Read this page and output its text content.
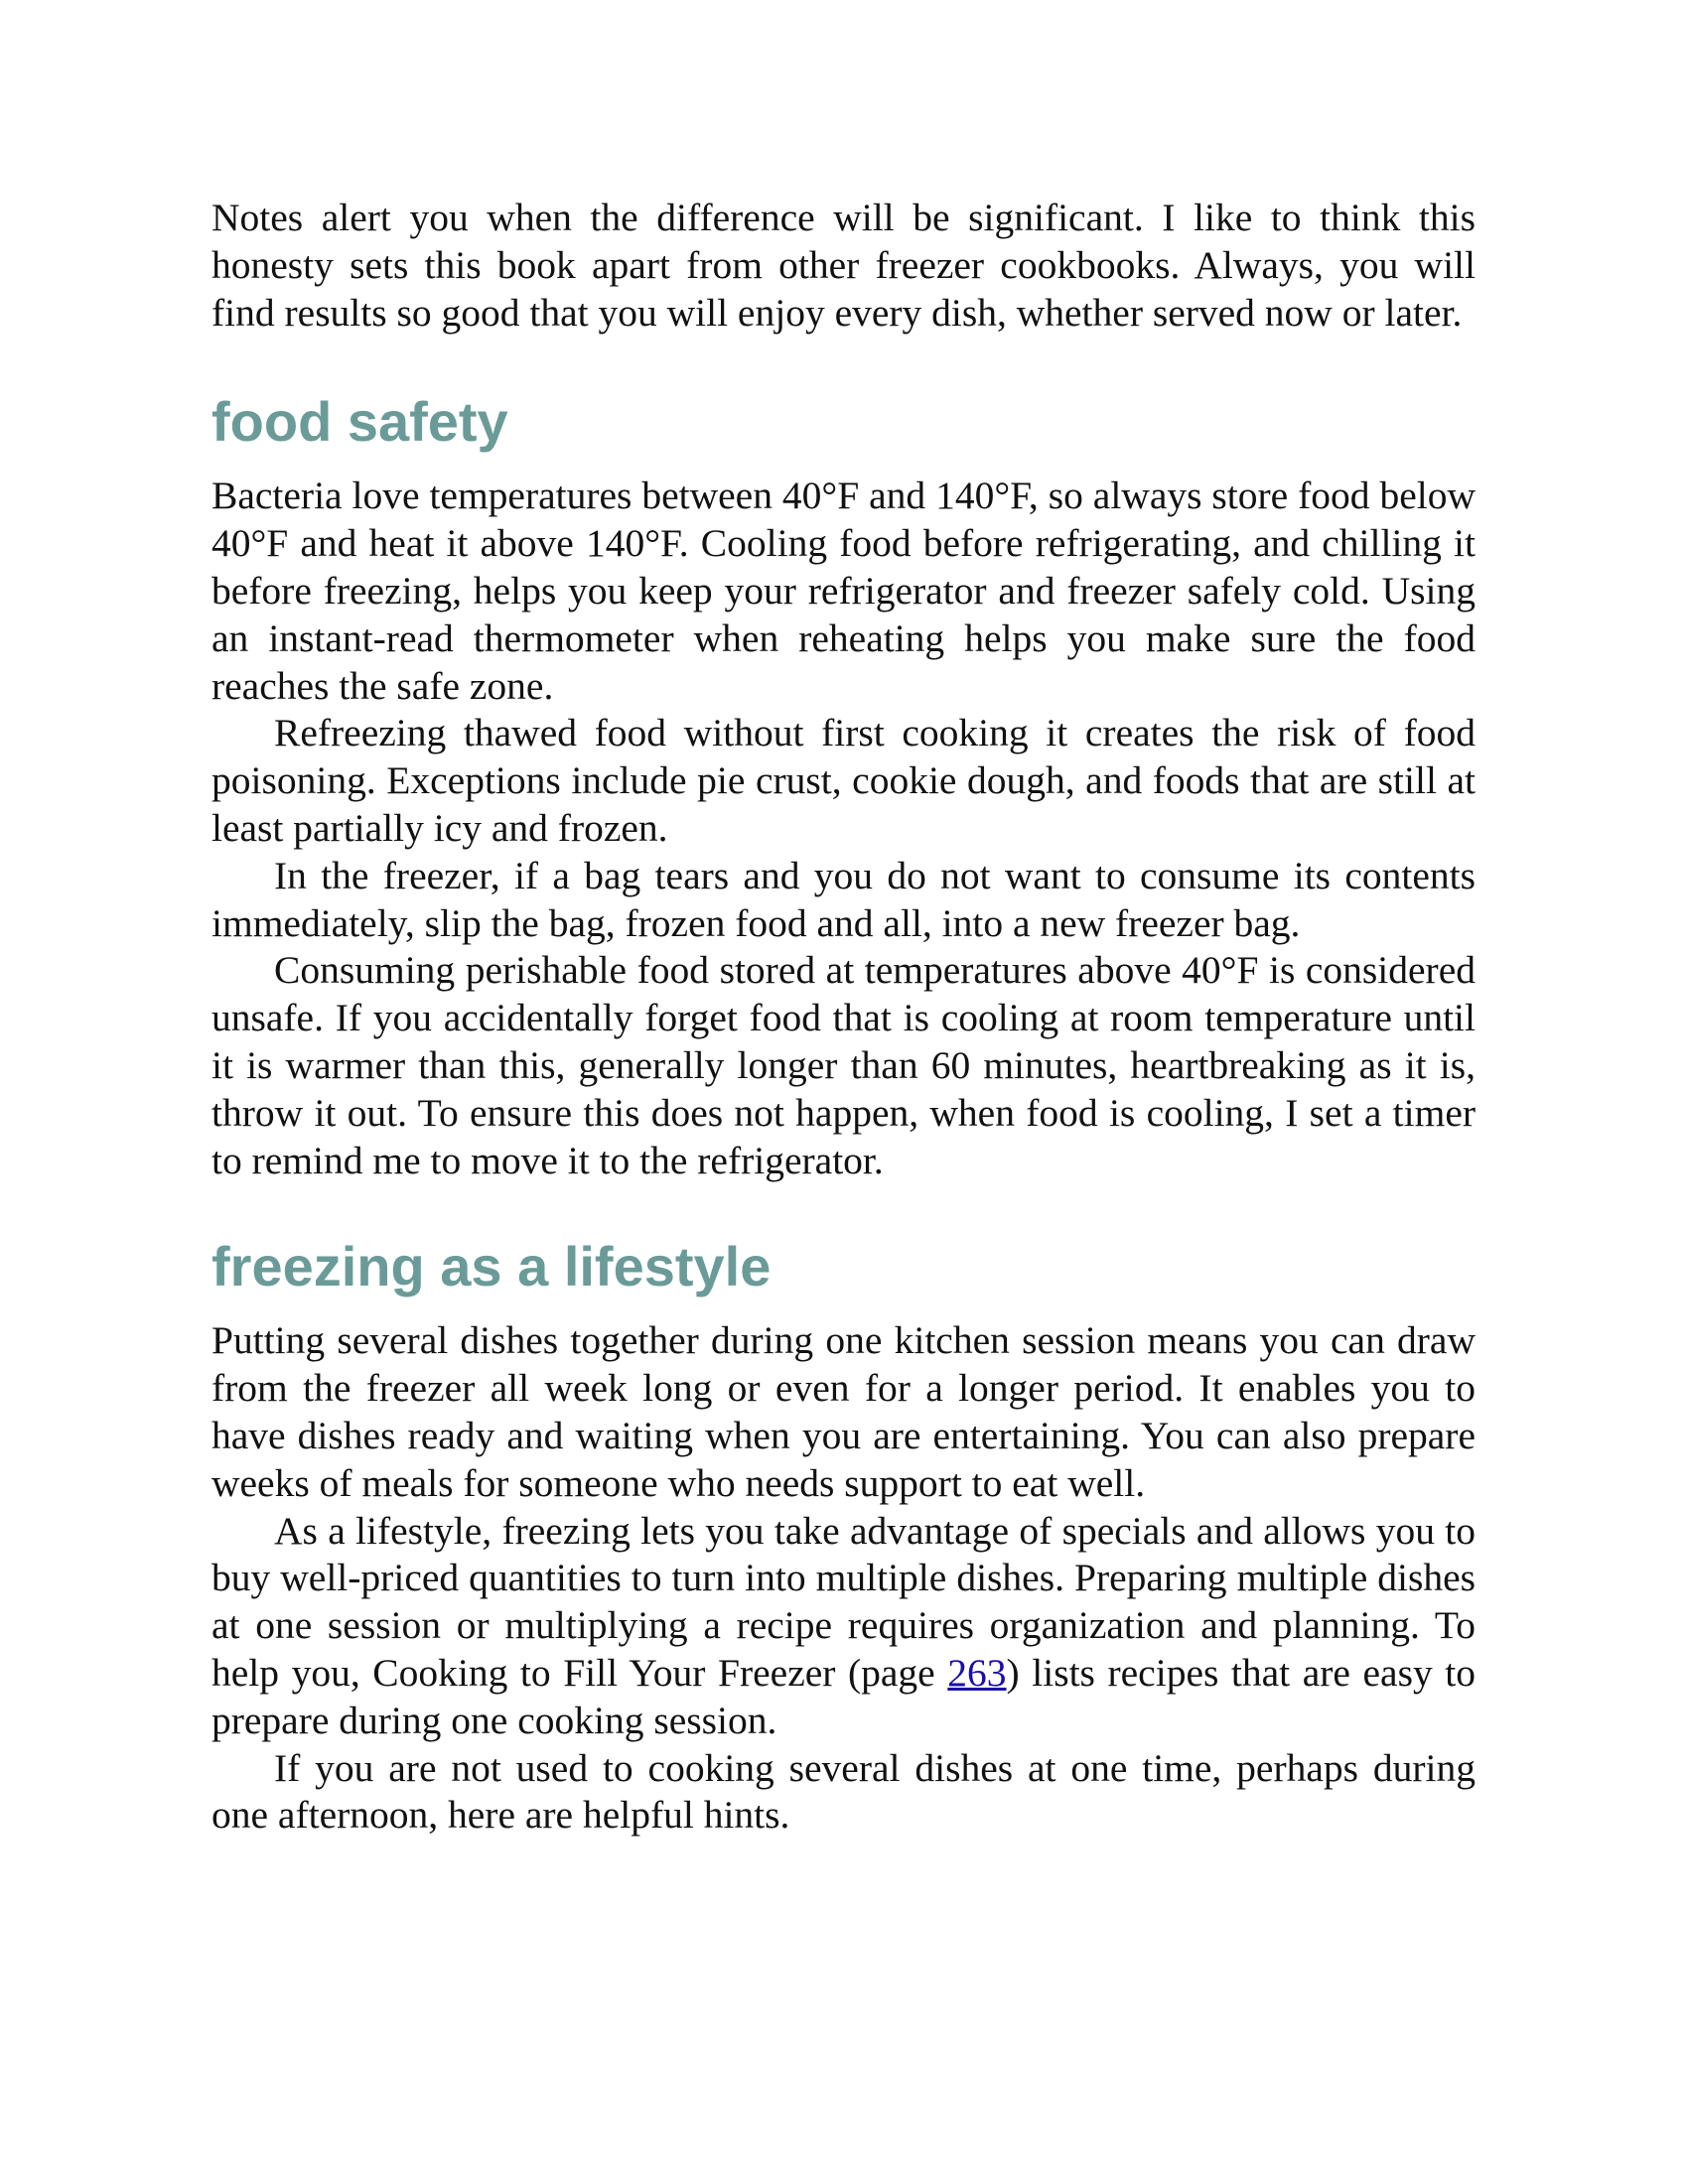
Notes alert you when the difference will be significant. I like to think this honesty sets this book apart from other freezer cookbooks. Always, you will find results so good that you will enjoy every dish, whether served now or later.

food safety

Bacteria love temperatures between 40°F and 140°F, so always store food below 40°F and heat it above 140°F. Cooling food before refrigerating, and chilling it before freezing, helps you keep your refrigerator and freezer safely cold. Using an instant-read thermometer when reheating helps you make sure the food reaches the safe zone.

Refreezing thawed food without first cooking it creates the risk of food poisoning. Exceptions include pie crust, cookie dough, and foods that are still at least partially icy and frozen.

In the freezer, if a bag tears and you do not want to consume its contents immediately, slip the bag, frozen food and all, into a new freezer bag.

Consuming perishable food stored at temperatures above 40°F is considered unsafe. If you accidentally forget food that is cooling at room temperature until it is warmer than this, generally longer than 60 minutes, heartbreaking as it is, throw it out. To ensure this does not happen, when food is cooling, I set a timer to remind me to move it to the refrigerator.

freezing as a lifestyle

Putting several dishes together during one kitchen session means you can draw from the freezer all week long or even for a longer period. It enables you to have dishes ready and waiting when you are entertaining. You can also prepare weeks of meals for someone who needs support to eat well.

As a lifestyle, freezing lets you take advantage of specials and allows you to buy well-priced quantities to turn into multiple dishes. Preparing multiple dishes at one session or multiplying a recipe requires organization and planning. To help you, Cooking to Fill Your Freezer (page 263) lists recipes that are easy to prepare during one cooking session.

If you are not used to cooking several dishes at one time, perhaps during one afternoon, here are helpful hints.
